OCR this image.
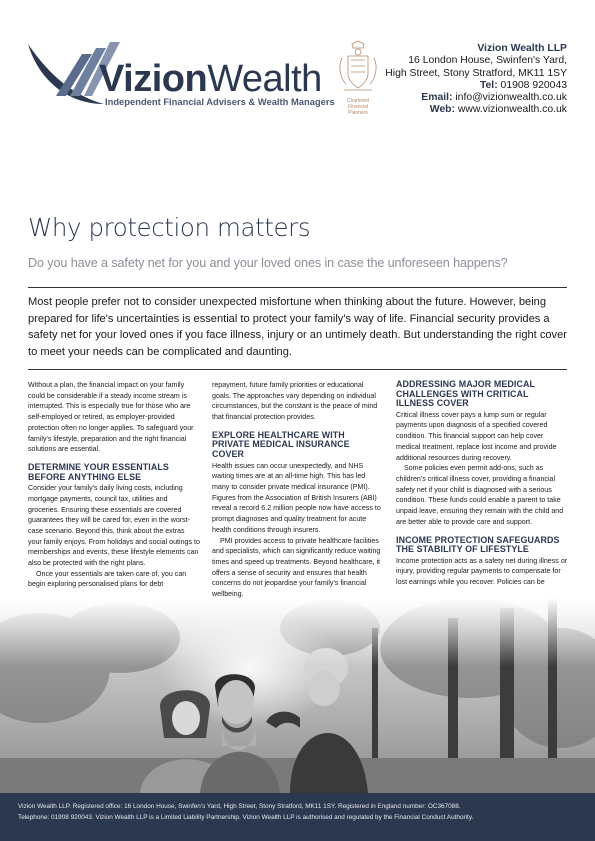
VizionWealth
Independent Financial Advisers & Wealth Managers	Chartered
Financial
Planners
Vizion Wealth LLP
16 London House, Swinfen's Yard,
High Street, Stony Stratford, MK11 1SY
Tel: 01908 920043
Email: info@vizionwealth.co.uk
Web: www.vizionwealth.co.uk
Why protection matters
Do you have a safety net for you and your loved ones in case the unforeseen happens?
Most people prefer not to consider unexpected misfortune when thinking about the future. However, being prepared for life's uncertainties is essential to protect your family's way of life. Financial security provides a safety net for your loved ones if you face illness, injury or an untimely death. But understanding the right cover to meet your needs can be complicated and daunting.

Without a plan, the financial impact on your family could be considerable if a steady income stream is interrupted. This is especially true for those who are self-employed or retired, as employer-provided protection often no longer applies. To safeguard your family's lifestyle, preparation and the right financial solutions are essential.

DETERMINE YOUR ESSENTIALS BEFORE ANYTHING ELSE

Consider your family's daily living costs, including mortgage payments, council tax, utilities and groceries. Ensuring these essentials are covered guarantees they will be cared for, even in the worst-case scenario. Beyond this, think about the extras your family enjoys. From holidays and social outings to memberships and events, these lifestyle elements can also be protected with the right plans.

Once your essentials are taken care of, you can begin exploring personalised plans for debt

repayment, future family priorities or educational goals. The approaches vary depending on individual circumstances, but the constant is the peace of mind that financial protection provides.

EXPLORE HEALTHCARE WITH PRIVATE MEDICAL INSURANCE COVER

Health issues can occur unexpectedly, and NHS waiting times are at an all-time high. This has led many to consider private medical insurance (PMI). Figures from the Association of British Insurers (ABI) reveal a record 6.2 million people now have access to prompt diagnoses and quality treatment for acute health conditions through insurers.

PMI provides access to private healthcare facilities and specialists, which can significantly reduce waiting times and speed up treatments. Beyond healthcare, it offers a sense of security and ensures that health concerns do not jeopardise your family's financial wellbeing.

ADDRESSING MAJOR MEDICAL CHALLENGES WITH CRITICAL ILLNESS COVER

Critical illness cover pays a lump sum or regular payments upon diagnosis of a specified covered condition. This financial support can help cover medical treatment, replace lost income and provide additional resources during recovery.

Some policies even permit add-ons, such as children's critical illness cover, providing a financial safety net if your child is diagnosed with a serious condition. These funds could enable a parent to take unpaid leave, ensuring they remain with the child and are better able to provide care and support.

INCOME PROTECTION SAFEGUARDS THE STABILITY OF LIFESTYLE

Income protection acts as a safety net during illness or injury, providing regular payments to compensate for lost earnings while you recover. Policies can be

Vizion Wealth LLP. Registered office: 16 London House, Swinfen's Yard, High Street, Stony Stratford, MK11 1SY. Registered in England number: OC367088.
Telephone: 01908 920043. Vizion Wealth LLP is a Limited Liability Partnership. Vizion Wealth LLP is authorised and regulated by the Financial Conduct Authority.
